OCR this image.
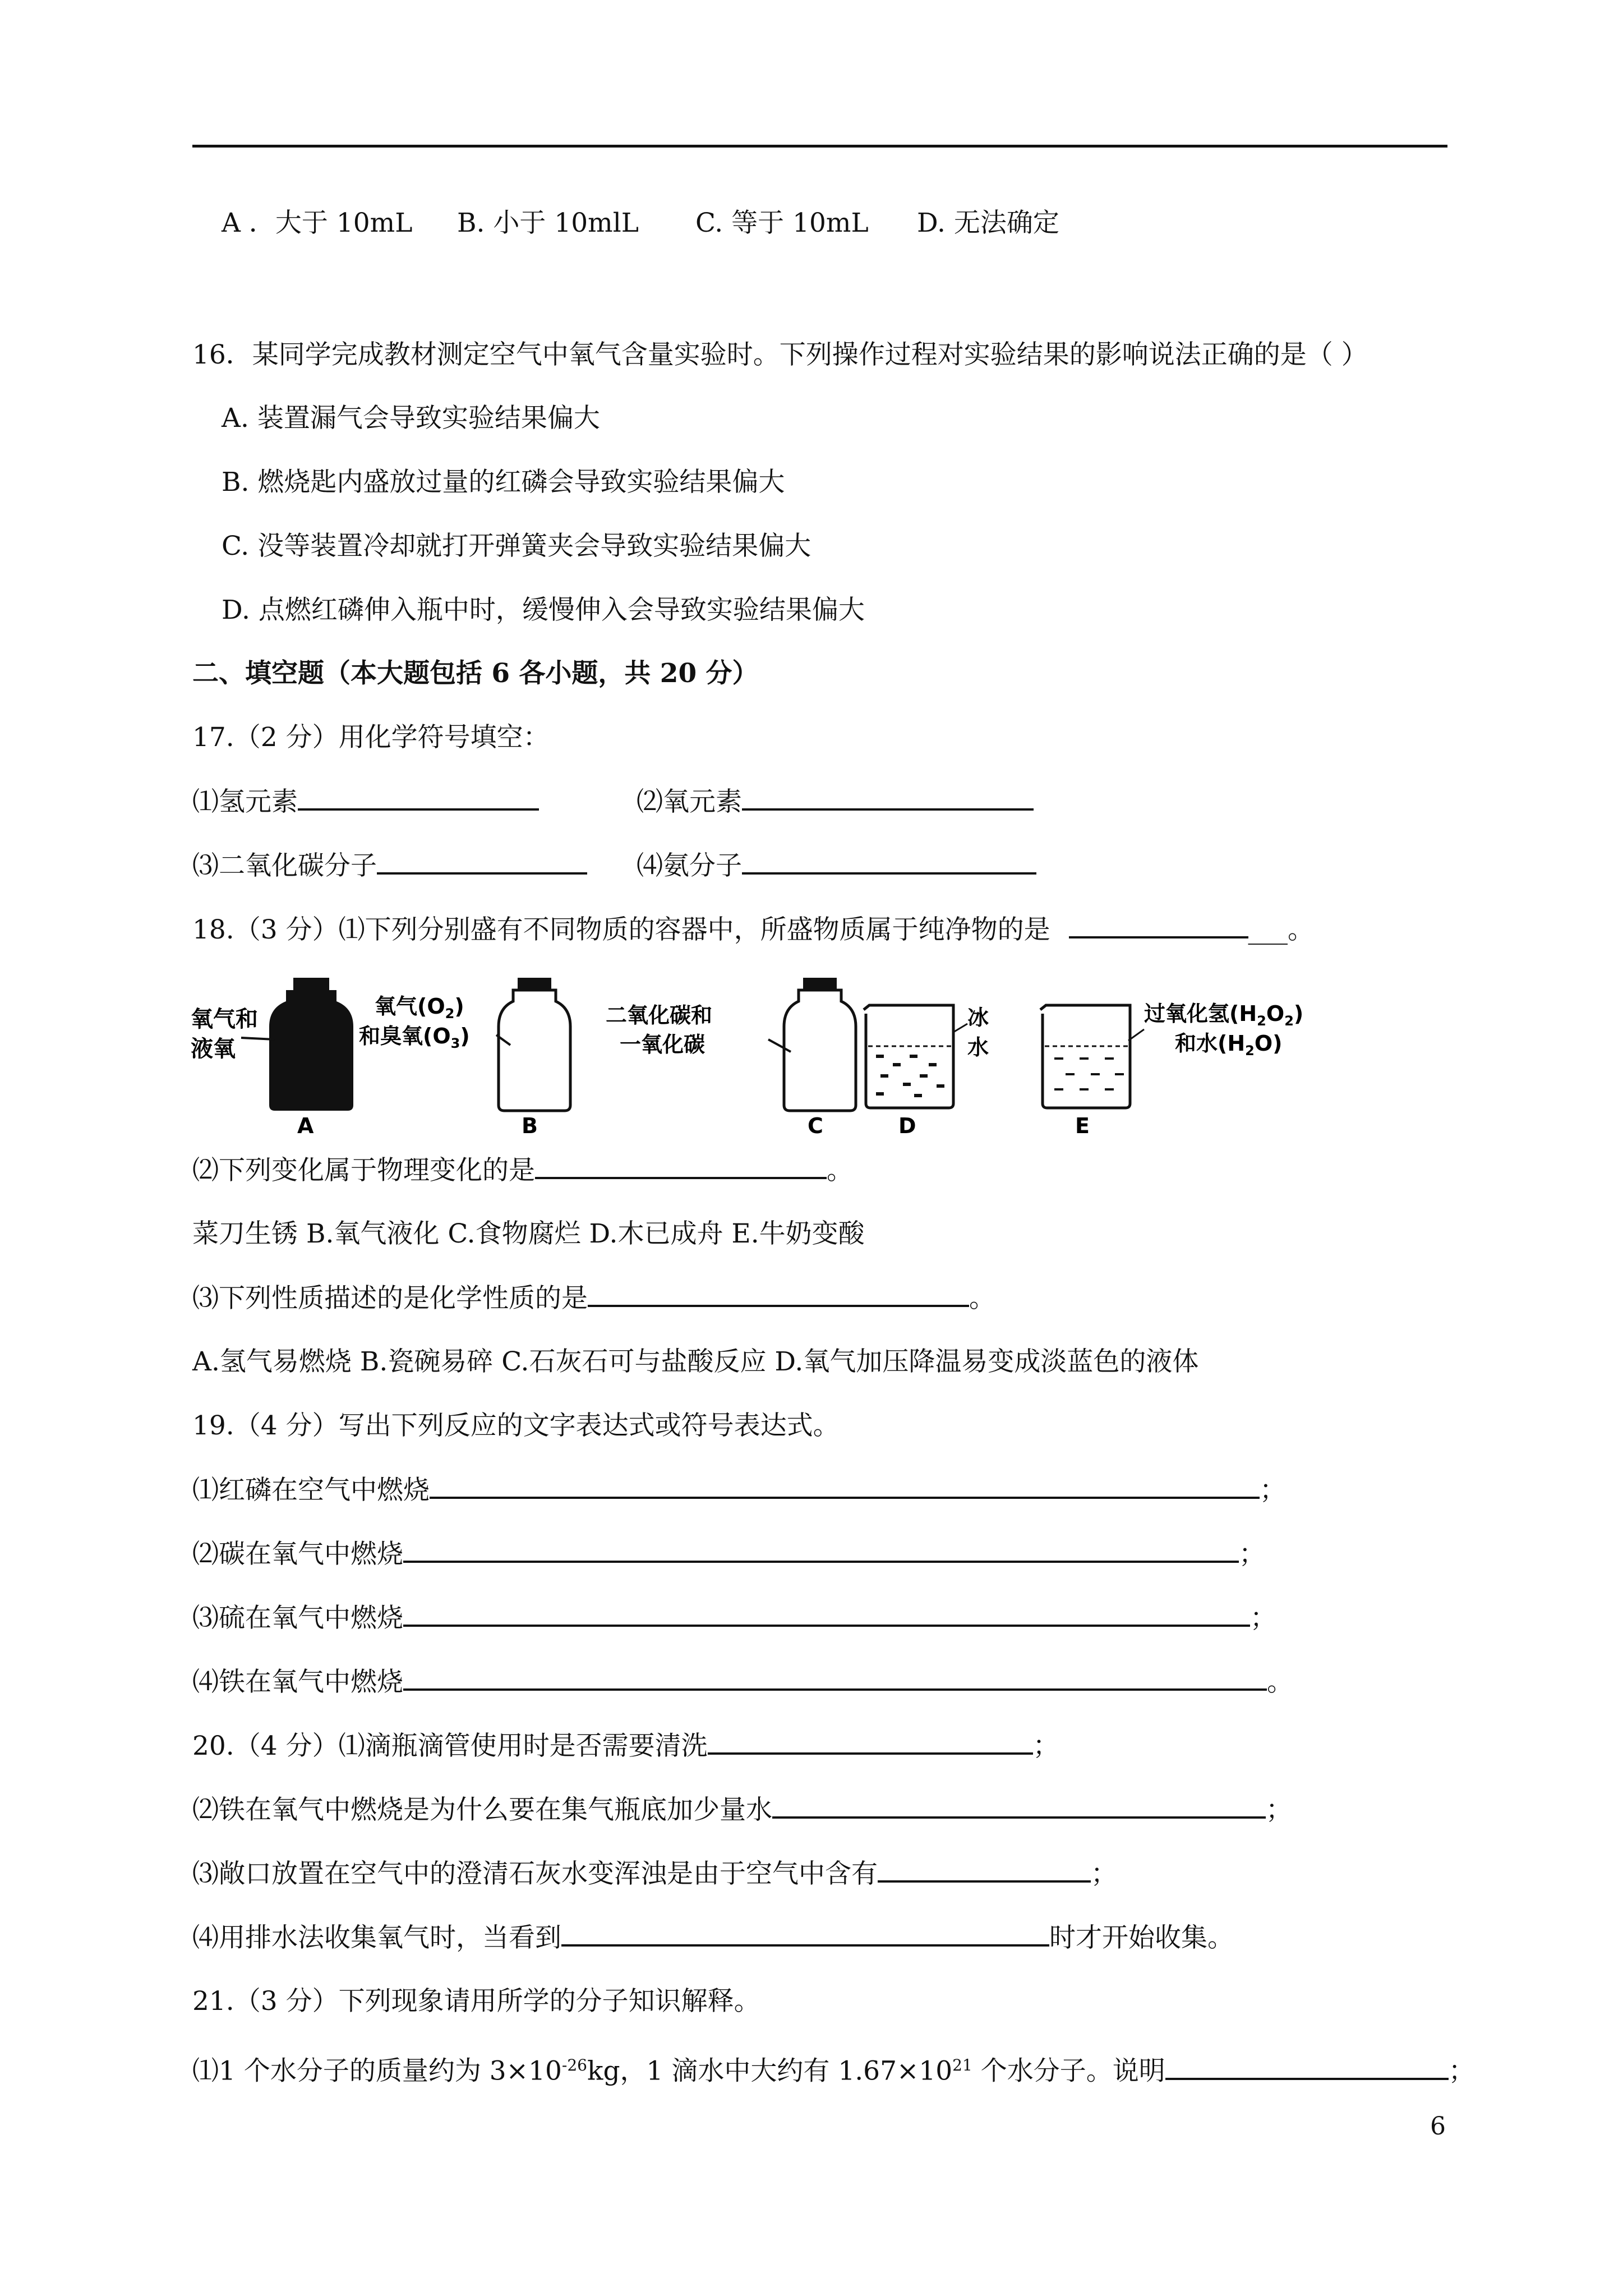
A ．大于 10mL B. 小于 10mlL C. 等于 10mL D. 无法确定
16．某同学完成教材测定空气中氧气含量实验时。下列操作过程对实验结果的影响说法正确的是（ ）
A. 装置漏气会导致实验结果偏大
B. 燃烧匙内盛放过量的红磷会导致实验结果偏大
C. 没等装置冷却就打开弹簧夹会导致实验结果偏大
D. 点燃红磷伸入瓶中时，缓慢伸入会导致实验结果偏大
二、填空题（本大题包括 6 各小题，共 20 分）
17.（2 分）用化学符号填空：
⑴氢元素	⑵氧元素
⑶二氧化碳分子	⑷氨分子
18.（3 分）⑴下列分别盛有不同物质的容器中，所盛物质属于纯净物的是	___。
氧气和
液氧
A
氧气$(O_2)$
和臭氧$(O_3)$
B
二氧化碳和
一氧化碳
C
冰
水
D
过氧化氢$(H_2O_2)$
和水$(H_2O)$
E
⑵下列变化属于物理变化的是	。
菜刀生锈 B.氧气液化 C.食物腐烂 D.木已成舟 E.牛奶变酸
⑶下列性质描述的是化学性质的是	。
A.氢气易燃烧 B.瓷碗易碎 C.石灰石可与盐酸反应 D.氧气加压降温易变成淡蓝色的液体
19.（4 分）写出下列反应的文字表达式或符号表达式。
⑴红磷在空气中燃烧	；
⑵碳在氧气中燃烧	；
⑶硫在氧气中燃烧	；
⑷铁在氧气中燃烧	。
20.（4 分）⑴滴瓶滴管使用时是否需要清洗	；
⑵铁在氧气中燃烧是为什么要在集气瓶底加少量水	；
⑶敞口放置在空气中的澄清石灰水变浑浊是由于空气中含有	；
⑷用排水法收集氧气时，当看到	时才开始收集。
21.（3 分）下列现象请用所学的分子知识解释。
⑴1 个水分子的质量约为 $3\times 10^{-26}kg$，1 滴水中大约有 $1.67\times 10^{21}$ 个水分子。说明	；
6
